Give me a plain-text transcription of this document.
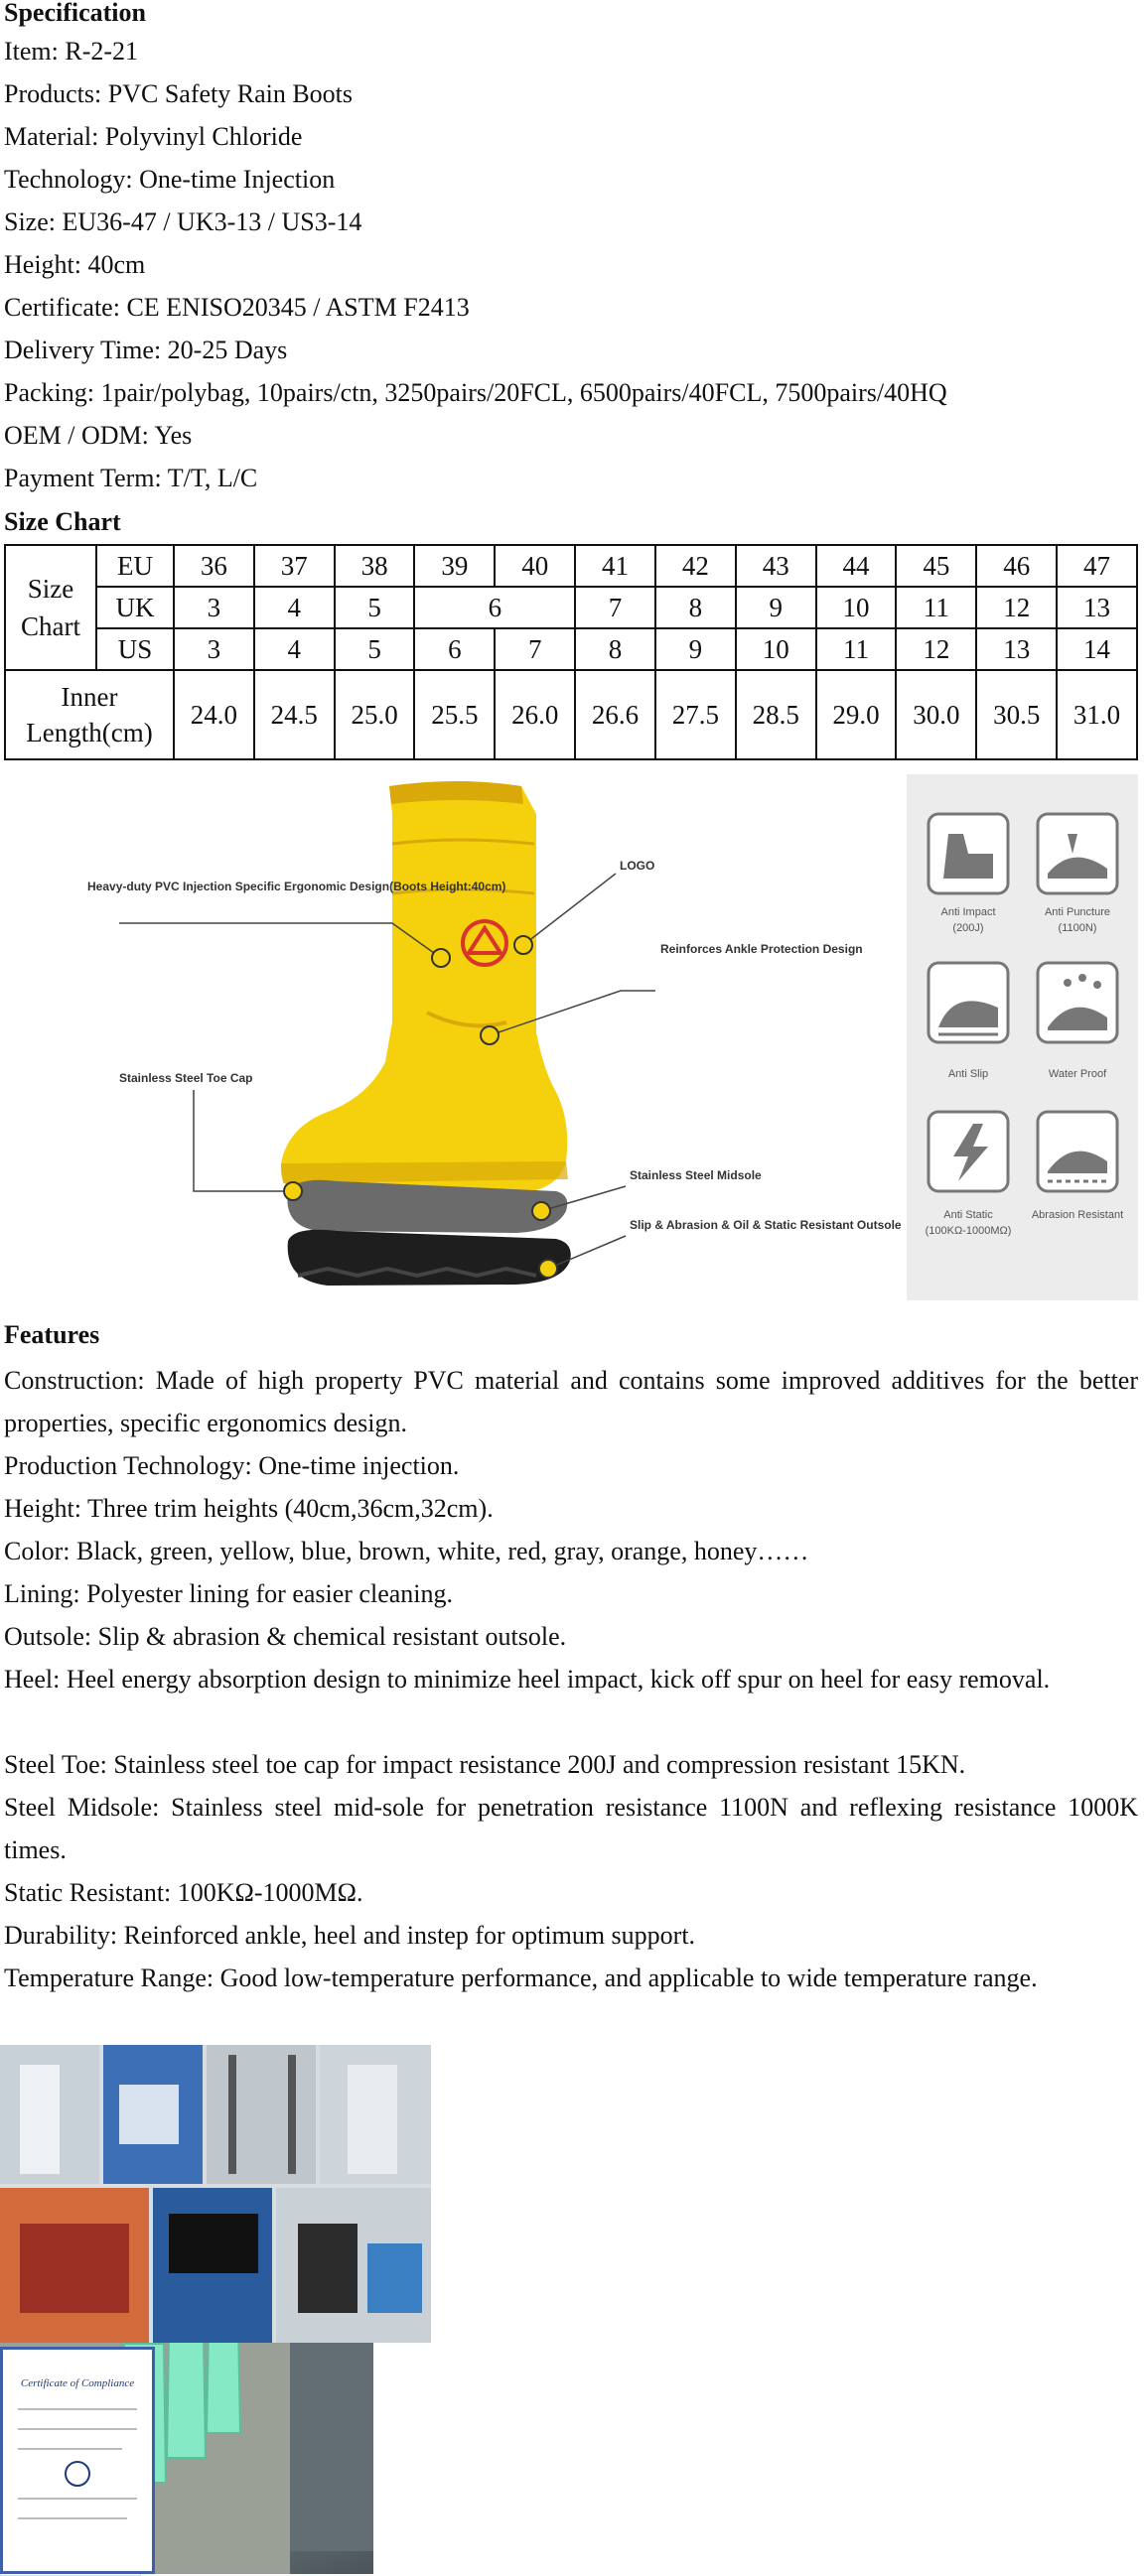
Specification
Item: R-2-21
Products: PVC Safety Rain Boots
Material: Polyvinyl Chloride
Technology: One-time Injection
Size: EU36-47 / UK3-13 / US3-14
Height: 40cm
Certificate: CE ENISO20345 / ASTM F2413
Delivery Time: 20-25 Days
Packing: 1pair/polybag, 10pairs/ctn, 3250pairs/20FCL, 6500pairs/40FCL, 7500pairs/40HQ
OEM / ODM: Yes
Payment Term: T/T, L/C
Size Chart
Size Chart	EU	36	37	38	39	40	41	42	43	44	45	46	47
	UK	3	4	5	6		7	8	9	10	11	12	13
	US	3	4	5	6	7	8	9	10	11	12	13	14
Inner Length(cm)		24.0	24.5	25.0	25.5	26.0	26.6	27.5	28.5	29.0	30.0	30.5	31.0
Heavy-duty PVC Injection Specific Ergonomic Design(Boots Height:40cm)
LOGO
Reinforces Ankle Protection Design
Stainless Steel Toe Cap
Stainless Steel Midsole
Slip & Abrasion & Oil & Static Resistant Outsole
Anti Impact
(200J)
Anti Puncture
(1100N)
Anti Slip	Water Proof
Anti Static
(100KΩ-1000MΩ)
Abrasion Resistant
Features
Construction: Made of high property PVC material and contains some improved additives for the better properties, specific ergonomics design.
Production Technology: One-time injection.
Height: Three trim heights (40cm,36cm,32cm).
Color: Black, green, yellow, blue, brown, white, red, gray, orange, honey……
Lining: Polyester lining for easier cleaning.
Outsole: Slip & abrasion & chemical resistant outsole.
Heel: Heel energy absorption design to minimize heel impact, kick off spur on heel for easy removal.
Steel Toe: Stainless steel toe cap for impact resistance 200J and compression resistant 15KN.
Steel Midsole: Stainless steel mid-sole for penetration resistance 1100N and reflexing resistance 1000K times.
Static Resistant: 100KΩ-1000MΩ.
Durability: Reinforced ankle, heel and instep for optimum support.
Temperature Range: Good low-temperature performance, and applicable to wide temperature range.
Certificate of Compliance
